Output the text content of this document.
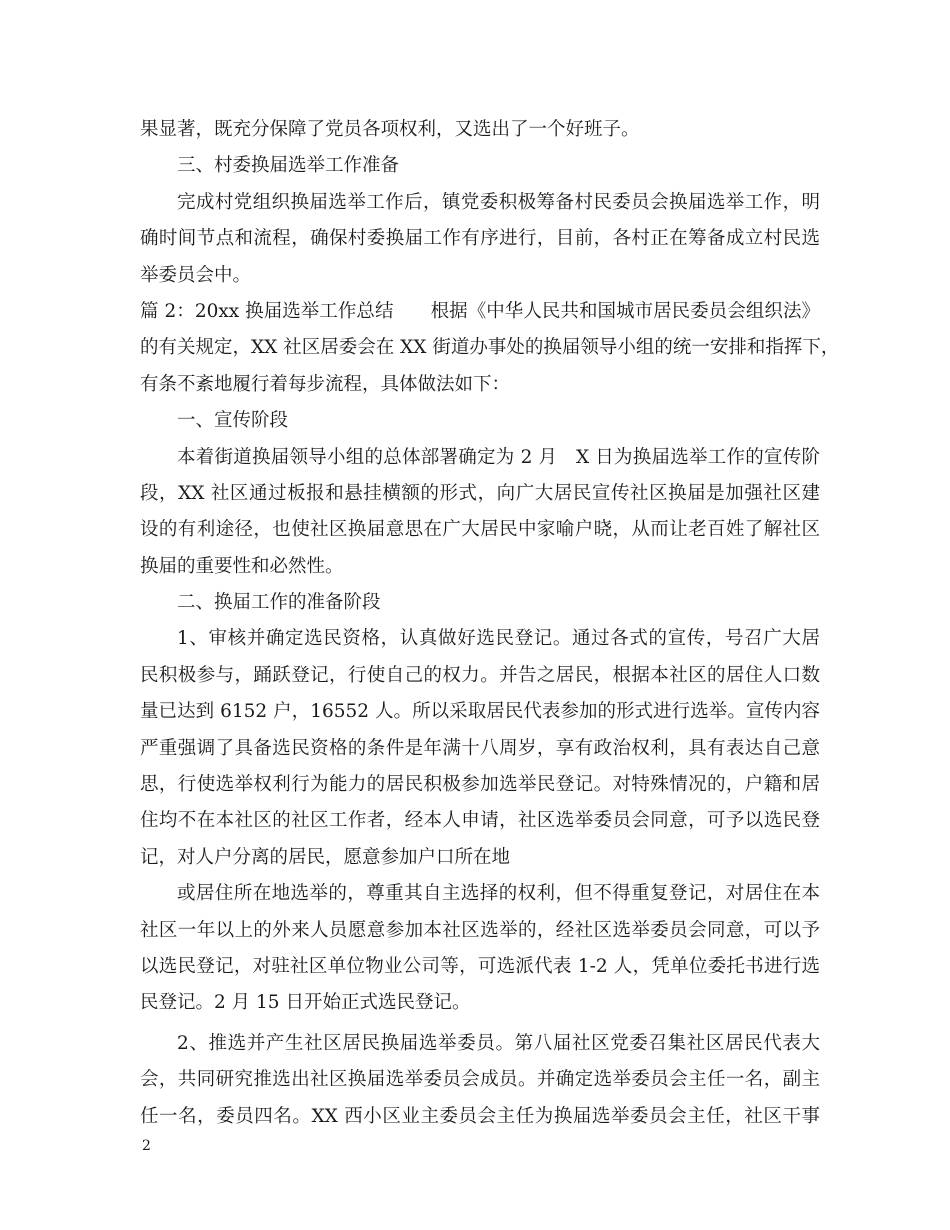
果显著，既充分保障了党员各项权利，又选出了一个好班子。
三、村委换届选举工作准备
完成村党组织换届选举工作后，镇党委积极筹备村民委员会换届选举工作，明
确时间节点和流程，确保村委换届工作有序进行，目前，各村正在筹备成立村民选
举委员会中。
篇 2：20xx 换届选举工作总结　　根据《中华人民共和国城市居民委员会组织法》
的有关规定，XX 社区居委会在 XX 街道办事处的换届领导小组的统一安排和指挥下，
有条不紊地履行着每步流程，具体做法如下：
一、宣传阶段
本着街道换届领导小组的总体部署确定为 2 月　X 日为换届选举工作的宣传阶
段，XX 社区通过板报和悬挂横额的形式，向广大居民宣传社区换届是加强社区建
设的有利途径，也使社区换届意思在广大居民中家喻户晓，从而让老百姓了解社区
换届的重要性和必然性。
二、换届工作的准备阶段
1、审核并确定选民资格，认真做好选民登记。通过各式的宣传，号召广大居
民积极参与，踊跃登记，行使自己的权力。并告之居民，根据本社区的居住人口数
量已达到 6152 户，16552 人。所以采取居民代表参加的形式进行选举。宣传内容
严重强调了具备选民资格的条件是年满十八周岁，享有政治权利，具有表达自己意
思，行使选举权利行为能力的居民积极参加选举民登记。对特殊情况的，户籍和居
住均不在本社区的社区工作者，经本人申请，社区选举委员会同意，可予以选民登
记，对人户分离的居民，愿意参加户口所在地
或居住所在地选举的，尊重其自主选择的权利，但不得重复登记，对居住在本
社区一年以上的外来人员愿意参加本社区选举的，经社区选举委员会同意，可以予
以选民登记，对驻社区单位物业公司等，可选派代表 1-2 人，凭单位委托书进行选
民登记。2 月 15 日开始正式选民登记。
2、推选并产生社区居民换届选举委员。第八届社区党委召集社区居民代表大
会，共同研究推选出社区换届选举委员会成员。并确定选举委员会主任一名，副主
任一名，委员四名。XX 西小区业主委员会主任为换届选举委员会主任，社区干事
2
